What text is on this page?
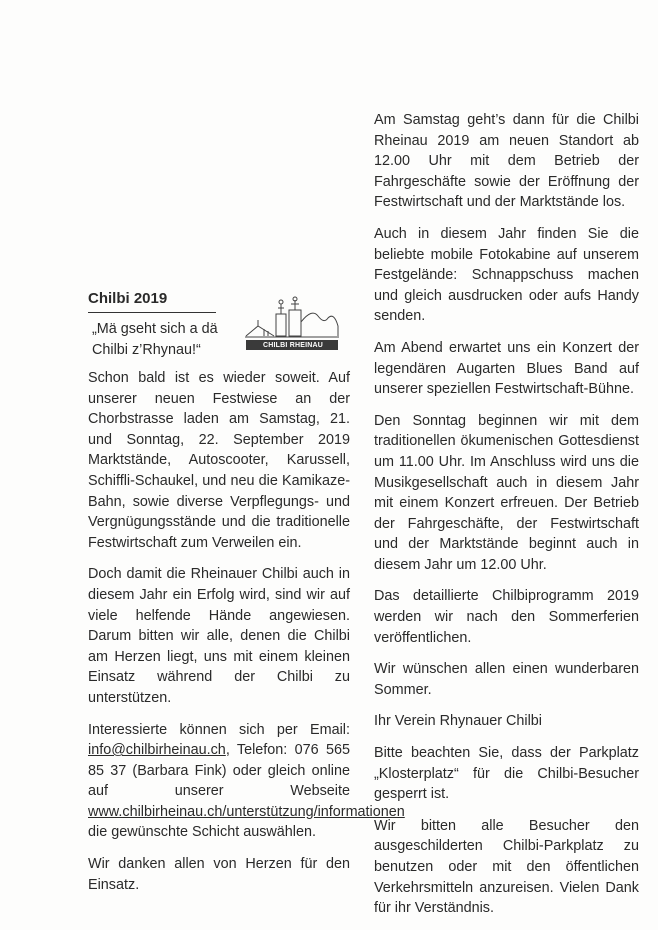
Chilbi 2019
„Mä gseht sich a dä Chilbi z’Rhynau!“	CHILBI RHEINAU

Schon bald ist es wieder soweit. Auf unserer neuen Festwiese an der Chorbstrasse laden am Samstag, 21. und Sonntag, 22. September 2019 Marktstände, Autoscooter, Karussell, Schiffli-Schaukel, und neu die Kamikaze-Bahn, sowie diverse Verpflegungs- und Vergnügungsstände und die traditionelle Festwirtschaft zum Verweilen ein.

Doch damit die Rheinauer Chilbi auch in diesem Jahr ein Erfolg wird, sind wir auf viele helfende Hände angewiesen. Darum bitten wir alle, denen die Chilbi am Herzen liegt, uns mit einem kleinen Einsatz während der Chilbi zu unterstützen.

Interessierte können sich per Email: info@chilbirheinau.ch, Telefon: 076 565 85 37 (Barbara Fink) oder gleich online auf unserer Webseite www.chilbirheinau.ch/unterstützung/informationen die gewünschte Schicht auswählen.

Wir danken allen von Herzen für den Einsatz.

Am Samstag geht’s dann für die Chilbi Rheinau 2019 am neuen Standort ab 12.00 Uhr mit dem Betrieb der Fahrgeschäfte sowie der Eröffnung der Festwirtschaft und der Marktstände los.

Auch in diesem Jahr finden Sie die beliebte mobile Fotokabine auf unserem Festgelände: Schnappschuss machen und gleich ausdrucken oder aufs Handy senden.

Am Abend erwartet uns ein Konzert der legendären Augarten Blues Band auf unserer speziellen Festwirtschaft-Bühne.

Den Sonntag beginnen wir mit dem traditionellen ökumenischen Gottesdienst um 11.00 Uhr. Im Anschluss wird uns die Musikgesellschaft auch in diesem Jahr mit einem Konzert erfreuen. Der Betrieb der Fahrgeschäfte, der Festwirtschaft und der Marktstände beginnt auch in diesem Jahr um 12.00 Uhr.

Das detaillierte Chilbiprogramm 2019 werden wir nach den Sommerferien veröffentlichen.

Wir wünschen allen einen wunderbaren Sommer.

Ihr Verein Rhynauer Chilbi

Bitte beachten Sie, dass der Parkplatz „Klosterplatz“ für die Chilbi-Besucher gesperrt ist.

Wir bitten alle Besucher den ausgeschilderten Chilbi-Parkplatz zu benutzen oder mit den öffentlichen Verkehrsmitteln anzureisen. Vielen Dank für ihr Verständnis.
